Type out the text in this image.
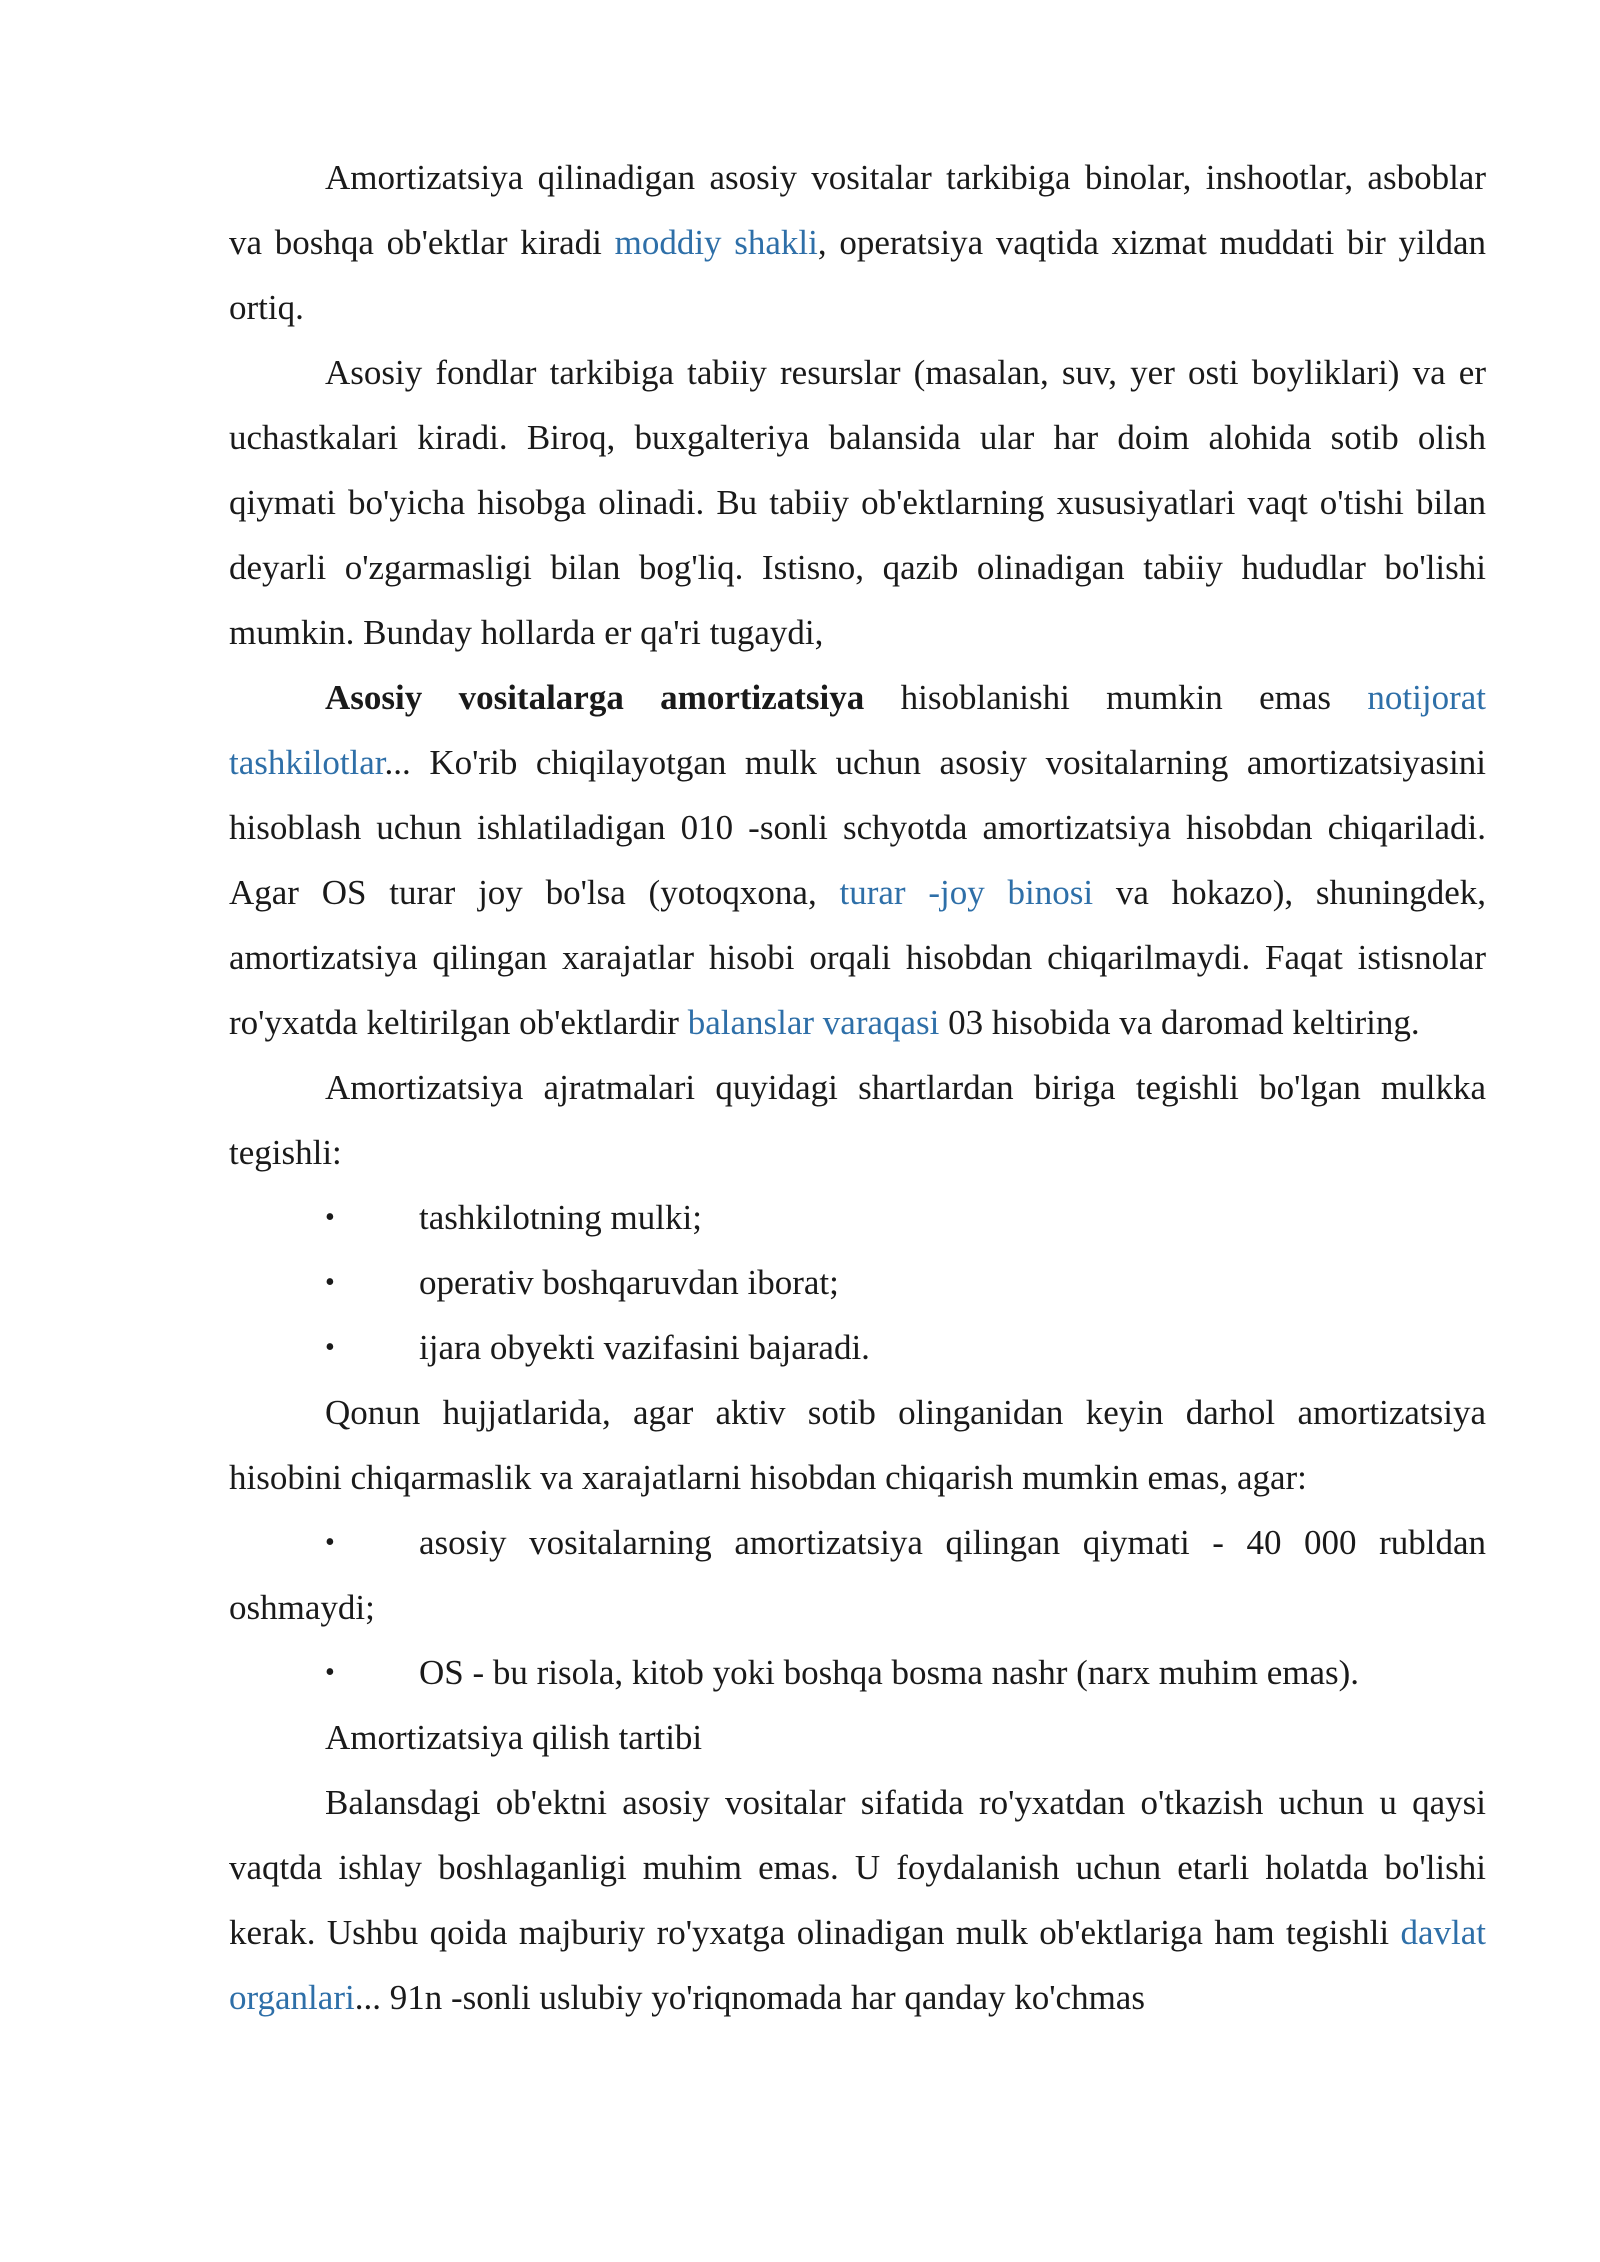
Amortizatsiya qilinadigan asosiy vositalar tarkibiga binolar, inshootlar, asboblar va boshqa ob'ektlar kiradi moddiy shakli, operatsiya vaqtida xizmat muddati bir yildan ortiq.

Asosiy fondlar tarkibiga tabiiy resurslar (masalan, suv, yer osti boyliklari) va er uchastkalari kiradi. Biroq, buxgalteriya balansida ular har doim alohida sotib olish qiymati bo'yicha hisobga olinadi. Bu tabiiy ob'ektlarning xususiyatlari vaqt o'tishi bilan deyarli o'zgarmasligi bilan bog'liq. Istisno, qazib olinadigan tabiiy hududlar bo'lishi mumkin. Bunday hollarda er qa'ri tugaydi,

Asosiy vositalarga amortizatsiya hisoblanishi mumkin emas notijorat tashkilotlar... Ko'rib chiqilayotgan mulk uchun asosiy vositalarning amortizatsiyasini hisoblash uchun ishlatiladigan 010 -sonli schyotda amortizatsiya hisobdan chiqariladi. Agar OS turar joy bo'lsa (yotoqxona, turar -joy binosi va hokazo), shuningdek, amortizatsiya qilingan xarajatlar hisobi orqali hisobdan chiqarilmaydi. Faqat istisnolar ro'yxatda keltirilgan ob'ektlardir balanslar varaqasi 03 hisobida va daromad keltiring.

Amortizatsiya ajratmalari quyidagi shartlardan biriga tegishli bo'lgan mulkka tegishli:

• tashkilotning mulki;
• operativ boshqaruvdan iborat;
• ijara obyekti vazifasini bajaradi.

Qonun hujjatlarida, agar aktiv sotib olinganidan keyin darhol amortizatsiya hisobini chiqarmaslik va xarajatlarni hisobdan chiqarish mumkin emas, agar:

• asosiy vositalarning amortizatsiya qilingan qiymati - 40 000 rubldan oshmaydi;
• OS - bu risola, kitob yoki boshqa bosma nashr (narx muhim emas).

Amortizatsiya qilish tartibi

Balansdagi ob'ektni asosiy vositalar sifatida ro'yxatdan o'tkazish uchun u qaysi vaqtda ishlay boshlaganligi muhim emas. U foydalanish uchun etarli holatda bo'lishi kerak. Ushbu qoida majburiy ro'yxatga olinadigan mulk ob'ektlariga ham tegishli davlat organlari... 91n -sonli uslubiy yo'riqnomada har qanday ko'chmas
